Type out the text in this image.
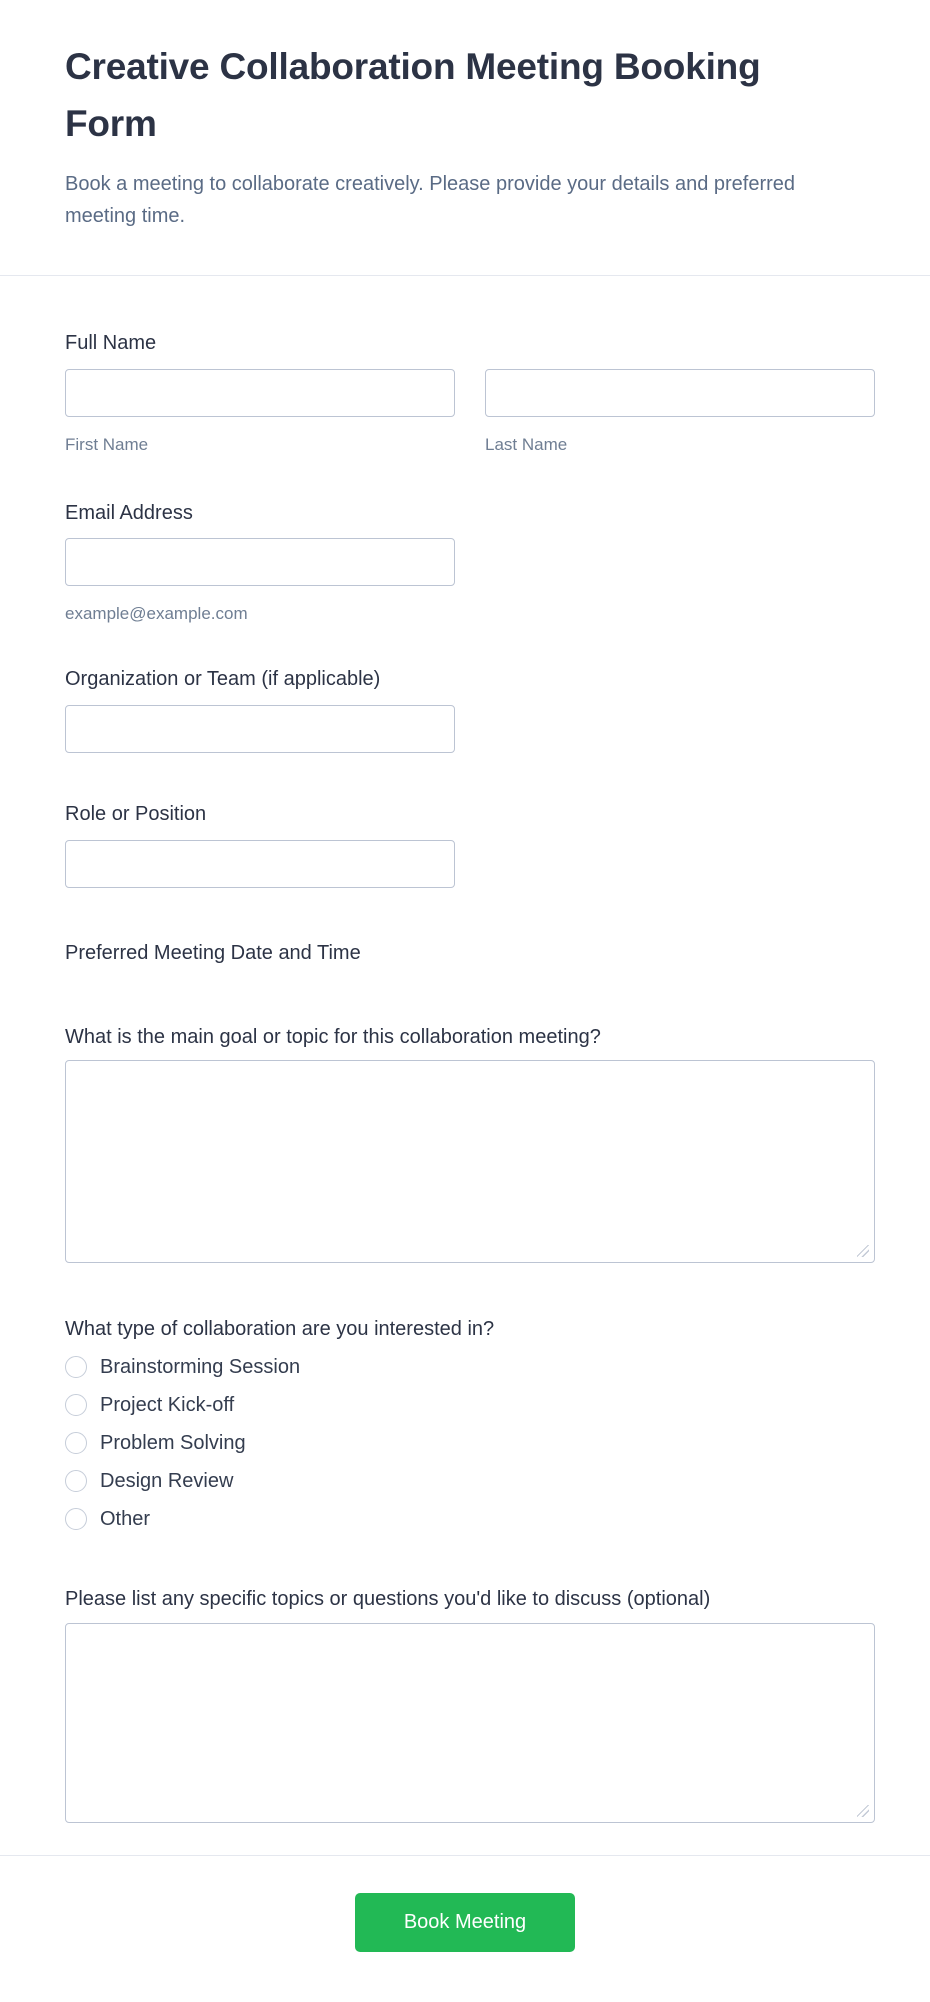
Creative Collaboration Meeting Booking Form

Book a meeting to collaborate creatively. Please provide your details and preferred meeting time.

Full Name
First Name	Last Name
Email Address
example@example.com
Organization or Team (if applicable)
Role or Position
Preferred Meeting Date and Time
What is the main goal or topic for this collaboration meeting?
What type of collaboration are you interested in?
Brainstorming Session
Project Kick-off
Problem Solving
Design Review
Other
Please list any specific topics or questions you'd like to discuss (optional)
Book Meeting
